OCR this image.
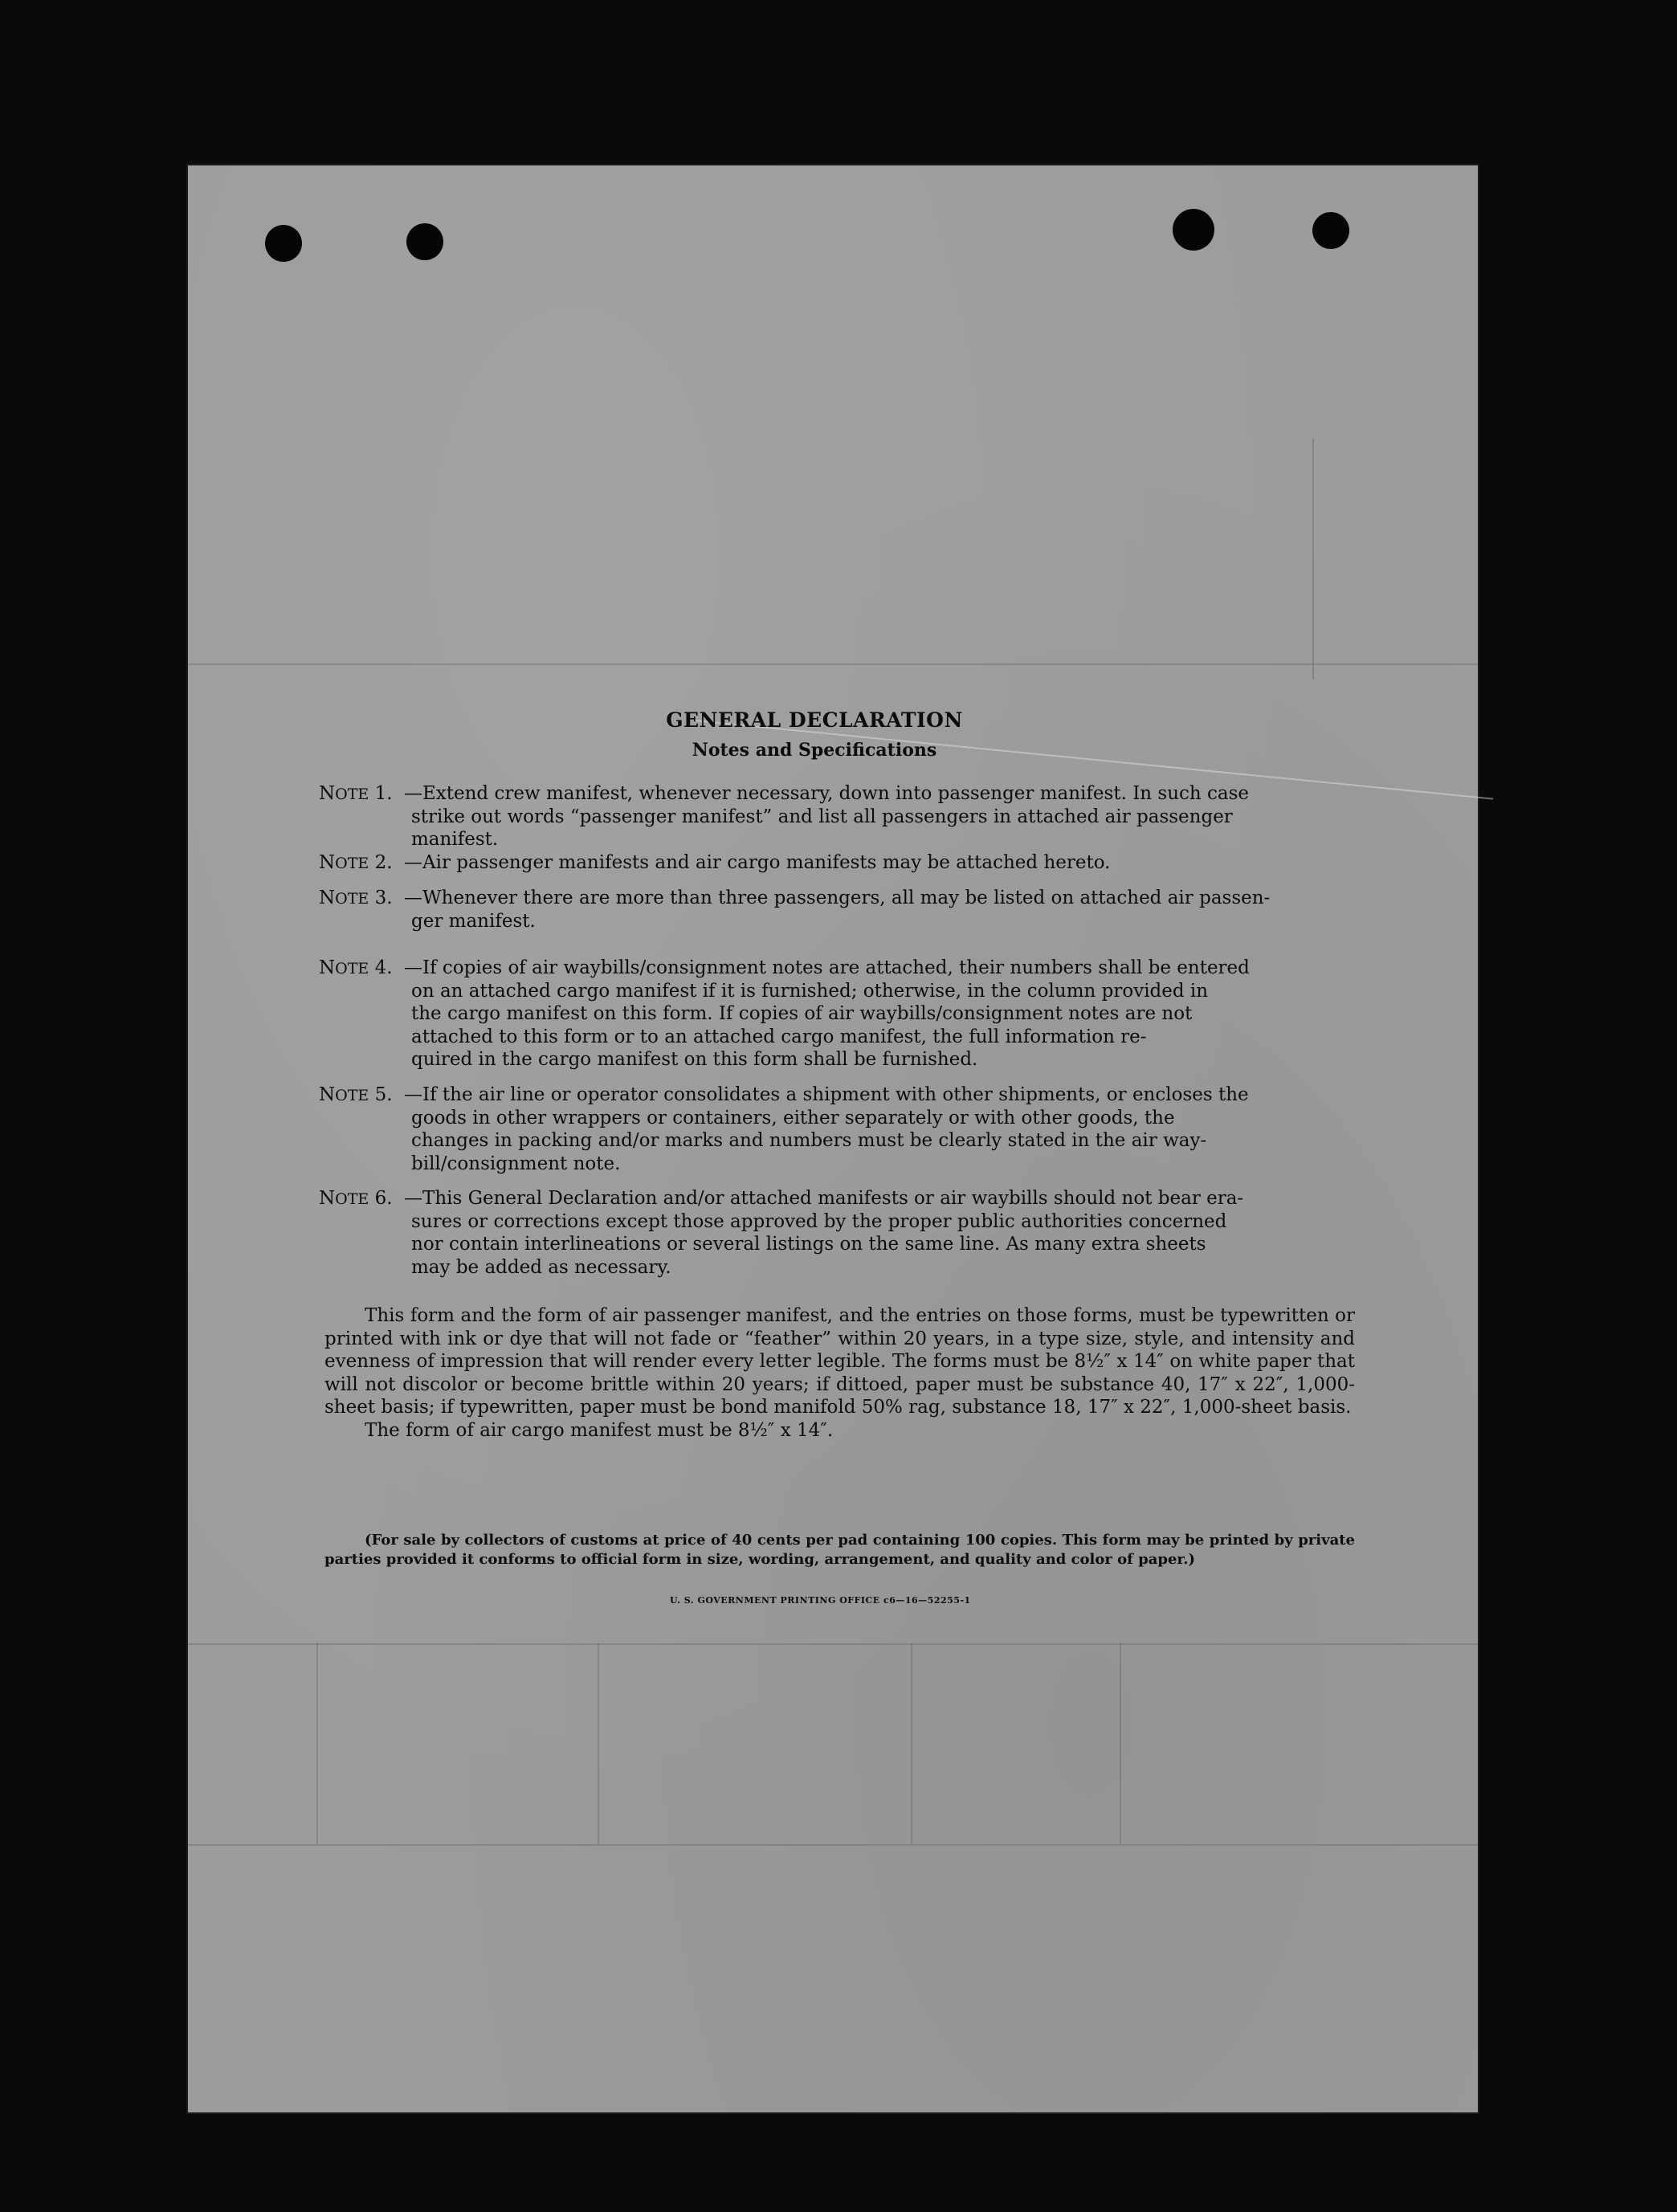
GENERAL DECLARATION
Notes and Specifications
NOTE 1. —Extend crew manifest, whenever necessary, down into passenger manifest. In such case
strike out words “passenger manifest” and list all passengers in attached air passenger
manifest.
NOTE 2. —Air passenger manifests and air cargo manifests may be attached hereto.
NOTE 3. —Whenever there are more than three passengers, all may be listed on attached air passen-
ger manifest.
NOTE 4. —If copies of air waybills/consignment notes are attached, their numbers shall be entered
on an attached cargo manifest if it is furnished; otherwise, in the column provided in
the cargo manifest on this form. If copies of air waybills/consignment notes are not
attached to this form or to an attached cargo manifest, the full information re-
quired in the cargo manifest on this form shall be furnished.
NOTE 5. —If the air line or operator consolidates a shipment with other shipments, or encloses the
goods in other wrappers or containers, either separately or with other goods, the
changes in packing and/or marks and numbers must be clearly stated in the air way-
bill/consignment note.
NOTE 6. —This General Declaration and/or attached manifests or air waybills should not bear era-
sures or corrections except those approved by the proper public authorities concerned
nor contain interlineations or several listings on the same line. As many extra sheets
may be added as necessary.

This form and the form of air passenger manifest, and the entries on those forms, must be typewritten or printed with ink or dye that will not fade or “feather” within 20 years, in a type size, style, and intensity and evenness of impression that will render every letter legible. The forms must be 8½″ x 14″ on white paper that will not discolor or become brittle within 20 years; if dittoed, paper must be substance 40, 17″ x 22″, 1,000-sheet basis; if typewritten, paper must be bond manifold 50% rag, substance 18, 17″ x 22″, 1,000-sheet basis.

The form of air cargo manifest must be 8½″ x 14″.

(For sale by collectors of customs at price of 40 cents per pad containing 100 copies. This form may be printed by private parties provided it conforms to official form in size, wording, arrangement, and quality and color of paper.)

U. S. GOVERNMENT PRINTING OFFICE c6—16—52255-1
